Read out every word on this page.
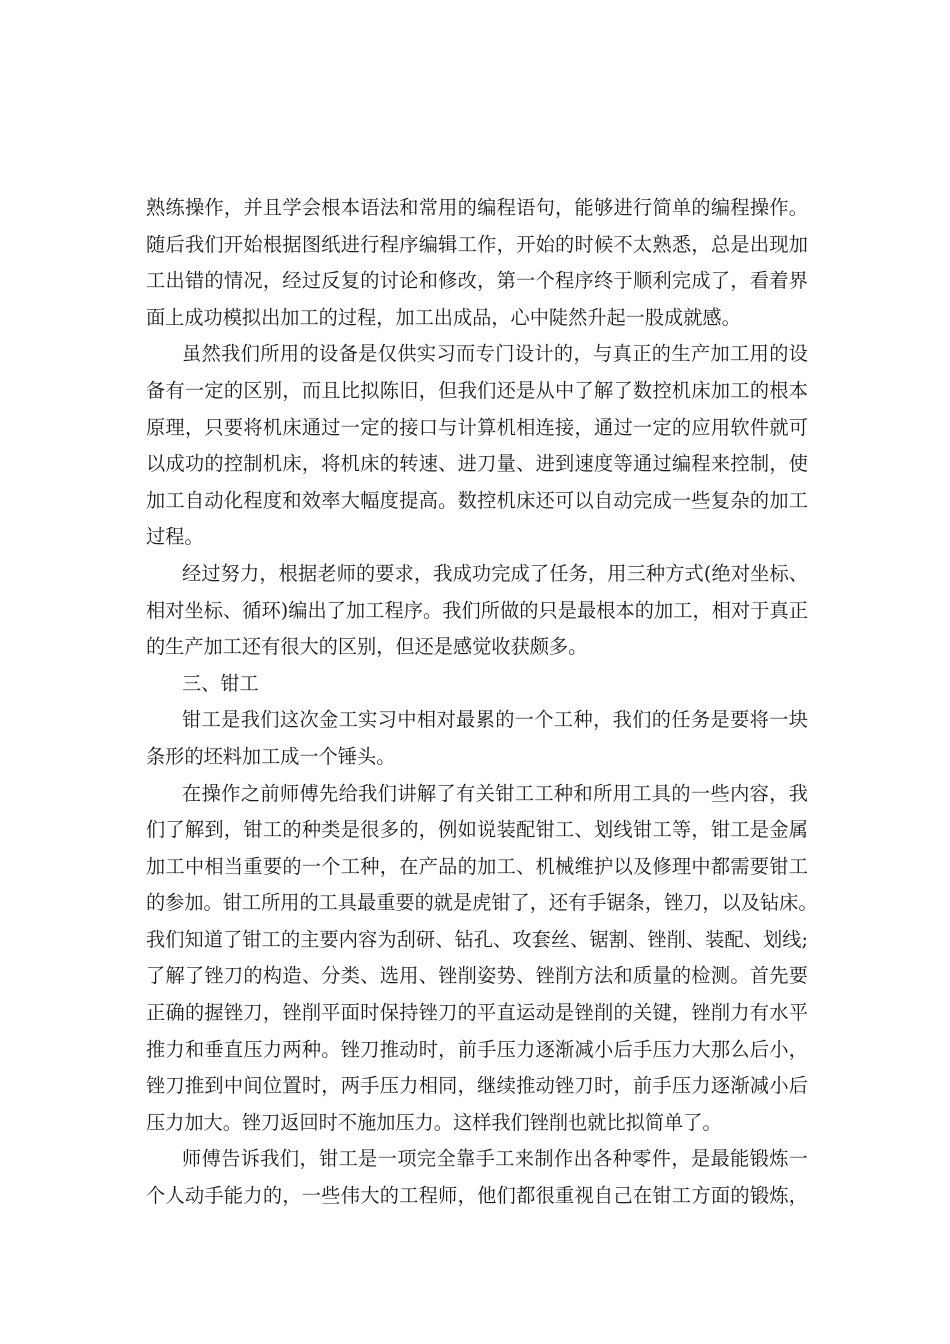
熟练操作，并且学会根本语法和常用的编程语句，能够进行简单的编程操作。
随后我们开始根据图纸进行程序编辑工作，开始的时候不太熟悉，总是出现加
工出错的情况，经过反复的讨论和修改，第一个程序终于顺利完成了，看着界
面上成功模拟出加工的过程，加工出成品，心中陡然升起一股成就感。
虽然我们所用的设备是仅供实习而专门设计的，与真正的生产加工用的设
备有一定的区别，而且比拟陈旧，但我们还是从中了解了数控机床加工的根本
原理，只要将机床通过一定的接口与计算机相连接，通过一定的应用软件就可
以成功的控制机床，将机床的转速、进刀量、进到速度等通过编程来控制，使
加工自动化程度和效率大幅度提高。数控机床还可以自动完成一些复杂的加工
过程。
经过努力，根据老师的要求，我成功完成了任务，用三种方式(绝对坐标、
相对坐标、循环)编出了加工程序。我们所做的只是最根本的加工，相对于真正
的生产加工还有很大的区别，但还是感觉收获颇多。
三、钳工
钳工是我们这次金工实习中相对最累的一个工种，我们的任务是要将一块
条形的坯料加工成一个锤头。
在操作之前师傅先给我们讲解了有关钳工工种和所用工具的一些内容，我
们了解到，钳工的种类是很多的，例如说装配钳工、划线钳工等，钳工是金属
加工中相当重要的一个工种，在产品的加工、机械维护以及修理中都需要钳工
的参加。钳工所用的工具最重要的就是虎钳了，还有手锯条，锉刀，以及钻床。
我们知道了钳工的主要内容为刮研、钻孔、攻套丝、锯割、锉削、装配、划线;
了解了锉刀的构造、分类、选用、锉削姿势、锉削方法和质量的检测。首先要
正确的握锉刀，锉削平面时保持锉刀的平直运动是锉削的关键，锉削力有水平
推力和垂直压力两种。锉刀推动时，前手压力逐渐减小后手压力大那么后小，
锉刀推到中间位置时，两手压力相同，继续推动锉刀时，前手压力逐渐减小后
压力加大。锉刀返回时不施加压力。这样我们锉削也就比拟简单了。
师傅告诉我们，钳工是一项完全靠手工来制作出各种零件，是最能锻炼一
个人动手能力的，一些伟大的工程师，他们都很重视自己在钳工方面的锻炼，
